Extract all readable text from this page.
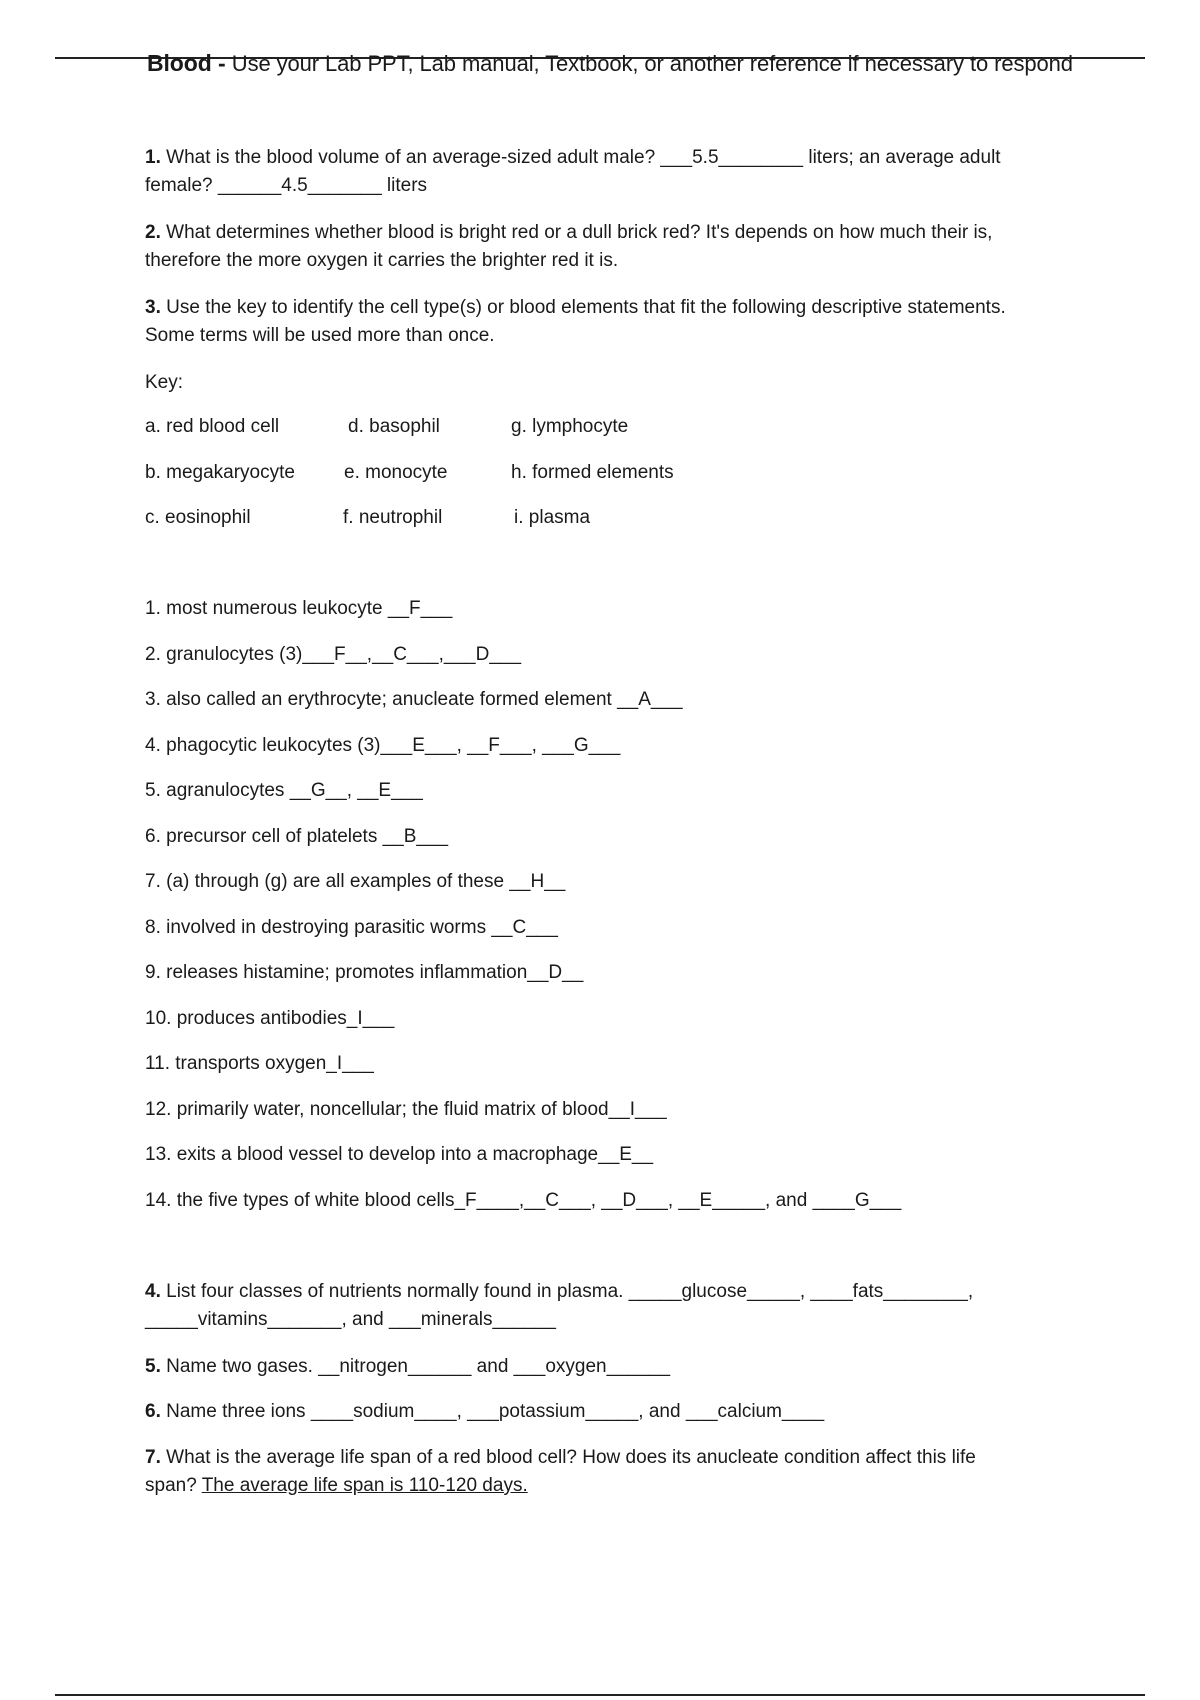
Blood - Use your Lab PPT, Lab manual, Textbook, or another reference if necessary to respond
1. What is the blood volume of an average-sized adult male? ___5.5________ liters; an average adult
female? ______4.5_______ liters
2. What determines whether blood is bright red or a dull brick red? It's depends on how much their is,
therefore the more oxygen it carries the brighter red it is.
3. Use the key to identify the cell type(s) or blood elements that fit the following descriptive statements.
Some terms will be used more than once.
Key:
a. red blood cell	d. basophil	g. lymphocyte
b. megakaryocyte	e. monocyte	h. formed elements
c. eosinophil	f. neutrophil	i. plasma
1. most numerous leukocyte __F___
2. granulocytes (3)___F__,__C___,___D___
3. also called an erythrocyte; anucleate formed element __A___
4. phagocytic leukocytes (3)___E___, __F___, ___G___
5. agranulocytes __G__, __E___
6. precursor cell of platelets __B___
7. (a) through (g) are all examples of these __H__
8. involved in destroying parasitic worms __C___
9. releases histamine; promotes inflammation__D__
10. produces antibodies_I___
11. transports oxygen_I___
12. primarily water, noncellular; the fluid matrix of blood__I___
13. exits a blood vessel to develop into a macrophage__E__
14. the five types of white blood cells_F____,__C___, __D___, __E_____, and ____G___
4. List four classes of nutrients normally found in plasma. _____glucose_____, ____fats________,
_____vitamins_______, and ___minerals______
5. Name two gases. __nitrogen______ and ___oxygen______
6. Name three ions ____sodium____, ___potassium_____, and ___calcium____
7. What is the average life span of a red blood cell? How does its anucleate condition affect this life
span? The average life span is 110-120 days.
